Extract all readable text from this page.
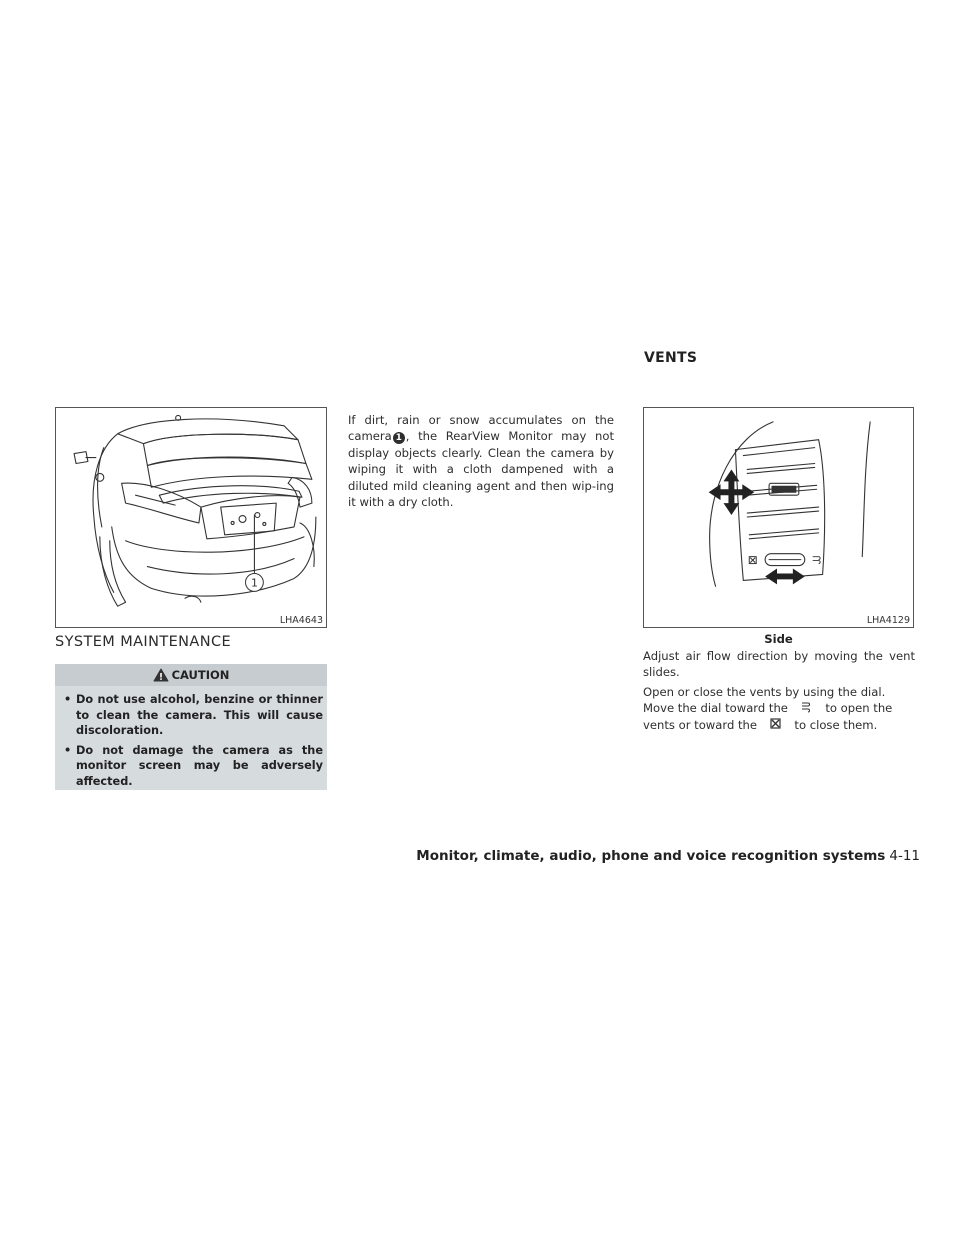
VENTS
1
LHA4643	LHA4129
SYSTEM MAINTENANCE
CAUTION
• Do not use alcohol, benzine or thinner to clean the camera. This will cause discoloration.
• Do not damage the camera as the monitor screen may be adversely affected.
If dirt, rain or snow accumulates on the camera 1 , the RearView Monitor may not display objects clearly. Clean the camera by wiping it with a cloth dampened with a diluted mild cleaning agent and then wip-ing it with a dry cloth.
Side
Adjust air flow direction by moving the vent slides.
Open or close the vents by using the dial.
Move the dial toward the	to open the
vents or toward the	to close them.
Monitor, climate, audio, phone and voice recognition systems 4-11
